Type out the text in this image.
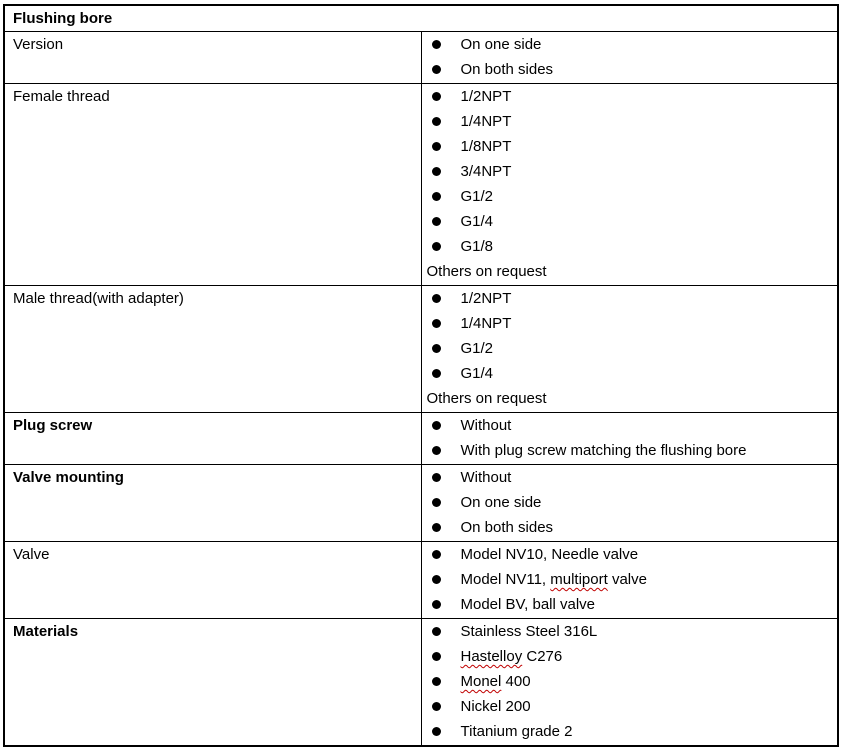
Flushing bore	
Version	On one side
On both sides

Female thread	1/2NPT
1/4NPT
1/8NPT
3/4NPT
G1/2
G1/4
G1/8
Others on request

Male thread(with adapter)	1/2NPT
1/4NPT
G1/2
G1/4
Others on request

Plug screw	Without
With plug screw matching the flushing bore

Valve mounting	Without
On one side
On both sides

Valve	Model NV10, Needle valve
Model NV11, multiport valve
Model BV, ball valve

Materials	Stainless Steel 316L
Hastelloy C276
Monel 400
Nickel 200
Titanium grade 2
